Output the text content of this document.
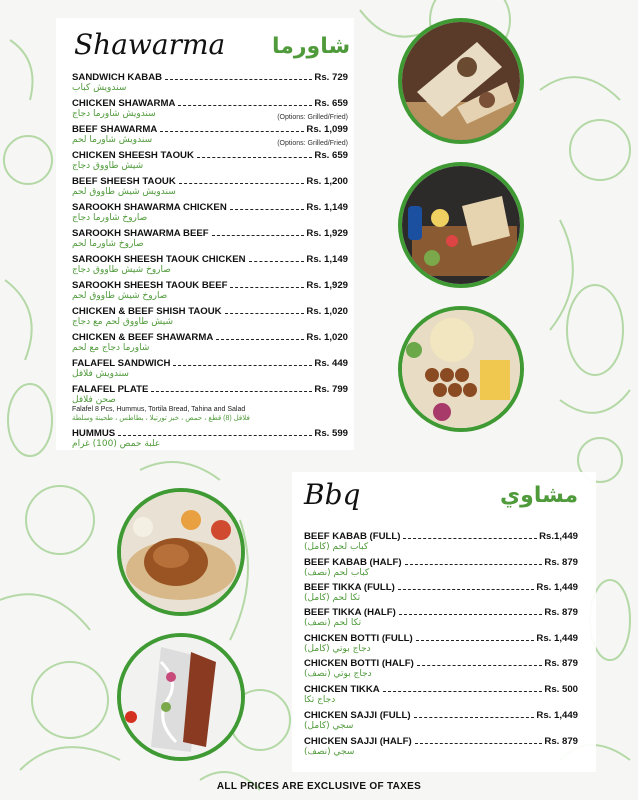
Shawarma شاورما
SANDWICH KABAB	Rs. 729
سندويش كباب
CHICKEN SHAWARMA	Rs. 659
سندويش شاورما دجاج	(Options: Grilled/Fried)
BEEF SHAWARMA	Rs. 1,099
سندويش شاورما لحم	(Options: Grilled/Fried)
CHICKEN SHEESH TAOUK	Rs. 659
شيش طاووق دجاج
BEEF SHEESH TAOUK	Rs. 1,200
سندويش شيش طاووق لحم
SAROOKH SHAWARMA CHICKEN	Rs. 1,149
صاروخ شاورما دجاج
SAROOKH SHAWARMA BEEF	Rs. 1,929
صاروخ شاورما لحم
SAROOKH SHEESH TAOUK CHICKEN	Rs. 1,149
صاروخ شيش طاووق دجاج
SAROOKH SHEESH TAOUK BEEF	Rs. 1,929
صاروخ شيش طاووق لحم
CHICKEN & BEEF SHISH TAOUK	Rs. 1,020
شيش طاووق لحم مع دجاج
CHICKEN & BEEF SHAWARMA	Rs. 1,020
شاورما دجاج مع لحم
FALAFEL SANDWICH	Rs. 449
سندويش فلافل
FALAFEL PLATE	Rs. 799
صحن فلافل
Falafel 8 Pcs, Hummus, Tortila Bread, Tahina and Salad
فلافل (8) قطع ، حمص ، خبز تورتيلا ، بطاطس ، طحينة وسلطة
HUMMUS	Rs. 599
علبة حمص (100) غرام
Bbq	مشاوي
BEEF KABAB (FULL)	Rs.1,449
كباب لحم (كامل)
BEEF KABAB (HALF)	Rs. 879
كباب لحم (نصف)
BEEF TIKKA (FULL)	Rs. 1,449
تكا لحم (كامل)
BEEF TIKKA (HALF)	Rs. 879
تكا لحم (نصف)
CHICKEN BOTTI (FULL)	Rs. 1,449
دجاج بوتي (كامل)
CHICKEN BOTTI (HALF)	Rs. 879
دجاج بوتي (نصف)
CHICKEN TIKKA	Rs. 500
دجاج تكا
CHICKEN SAJJI (FULL)	Rs. 1,449
سجي (كامل)
CHICKEN SAJJI (HALF)	Rs. 879
سجي (نصف)
ALL PRICES ARE EXCLUSIVE OF TAXES
